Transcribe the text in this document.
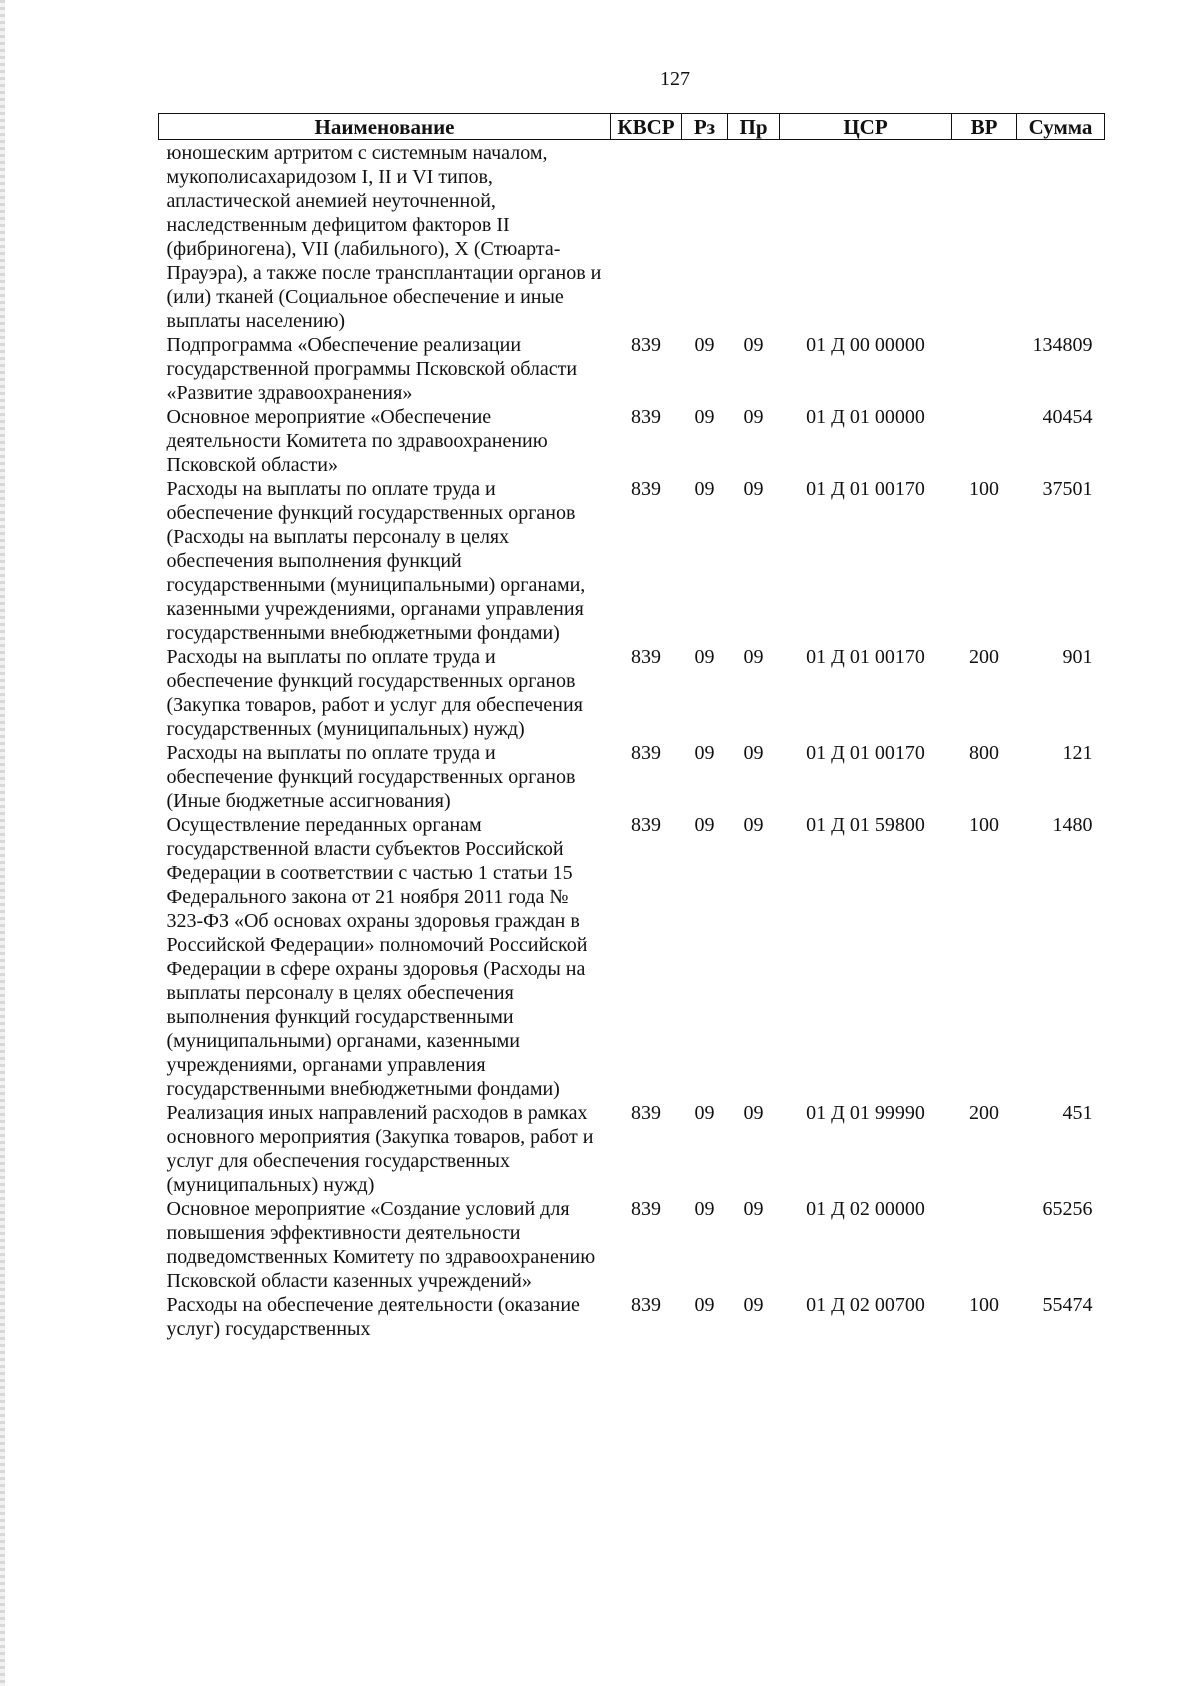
127
Наименование	КВСР	Рз	Пр	ЦСР	ВР	Сумма
юношеским артритом с системным началом, мукополисахаридозом I, II и VI типов, апластической анемией неуточненной, наследственным дефицитом факторов II (фибриногена), VII (лабильного), X (Стюарта-Прауэра), а также после трансплантации органов и (или) тканей (Социальное обеспечение и иные выплаты населению)						
Подпрограмма «Обеспечение реализации государственной программы Псковской области «Развитие здравоохранения»	839	09	09	01 Д 00 00000		134809
Основное мероприятие «Обеспечение деятельности Комитета по здравоохранению Псковской области»	839	09	09	01 Д 01 00000		40454
Расходы на выплаты по оплате труда и обеспечение функций государственных органов (Расходы на выплаты персоналу в целях обеспечения выполнения функций государственными (муниципальными) органами, казенными учреждениями, органами управления государственными внебюджетными фондами)	839	09	09	01 Д 01 00170	100	37501
Расходы на выплаты по оплате труда и обеспечение функций государственных органов (Закупка товаров, работ и услуг для обеспечения государственных (муниципальных) нужд)	839	09	09	01 Д 01 00170	200	901
Расходы на выплаты по оплате труда и обеспечение функций государственных органов (Иные бюджетные ассигнования)	839	09	09	01 Д 01 00170	800	121
Осуществление переданных органам государственной власти субъектов Российской Федерации в соответствии с частью 1 статьи 15 Федерального закона от 21 ноября 2011 года № 323-ФЗ «Об основах охраны здоровья граждан в Российской Федерации» полномочий Российской Федерации в сфере охраны здоровья (Расходы на выплаты персоналу в целях обеспечения выполнения функций государственными (муниципальными) органами, казенными учреждениями, органами управления государственными внебюджетными фондами)	839	09	09	01 Д 01 59800	100	1480
Реализация иных направлений расходов в рамках основного мероприятия (Закупка товаров, работ и услуг для обеспечения государственных (муниципальных) нужд)	839	09	09	01 Д 01 99990	200	451
Основное мероприятие «Создание условий для повышения эффективности деятельности подведомственных Комитету по здравоохранению Псковской области казенных учреждений»	839	09	09	01 Д 02 00000		65256
Расходы на обеспечение деятельности (оказание услуг) государственных	839	09	09	01 Д 02 00700	100	55474
